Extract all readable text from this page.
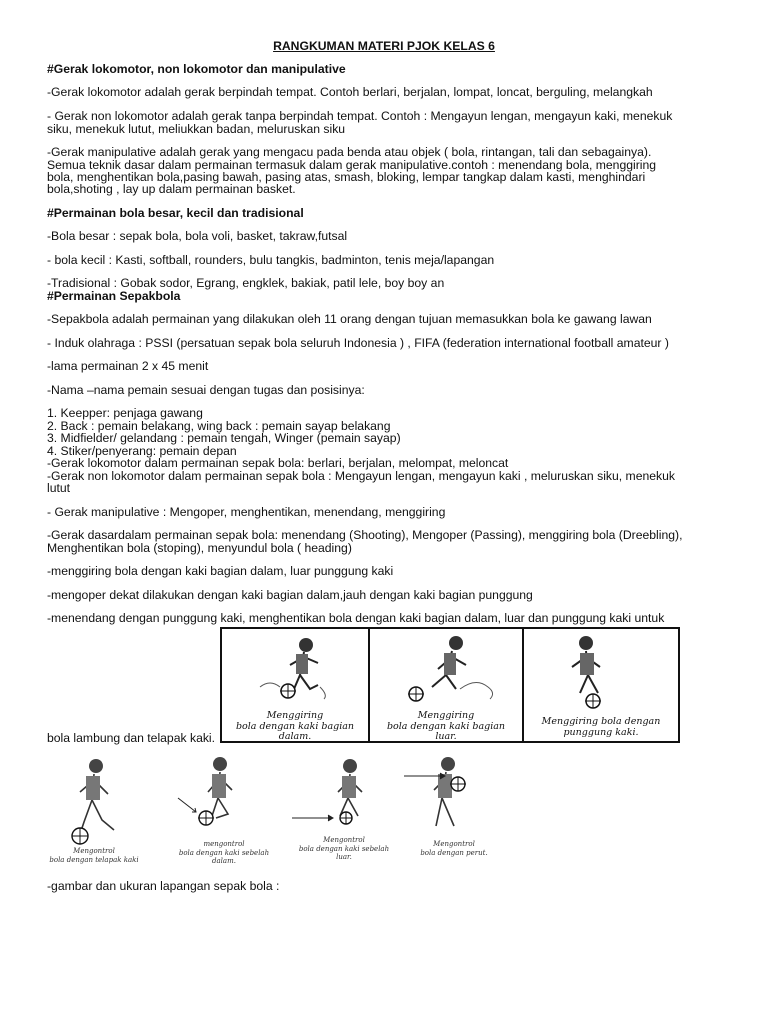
RANGKUMAN MATERI PJOK KELAS 6
#Gerak lokomotor, non lokomotor dan manipulative
-Gerak lokomotor adalah gerak berpindah tempat. Contoh berlari, berjalan, lompat, loncat, berguling, melangkah
- Gerak non lokomotor adalah gerak tanpa berpindah tempat. Contoh : Mengayun lengan, mengayun kaki, menekuk
siku, menekuk lutut, meliukkan badan, meluruskan siku
-Gerak manipulative adalah gerak yang mengacu pada benda atau objek ( bola, rintangan, tali dan sebagainya).
Semua teknik dasar dalam permainan termasuk dalam gerak manipulative.contoh : menendang bola, menggiring
bola, menghentikan bola,pasing bawah, pasing atas, smash, bloking, lempar tangkap dalam kasti, menghindari
bola,shoting , lay up dalam permainan basket.
#Permainan bola besar, kecil dan tradisional
-Bola besar : sepak bola, bola voli, basket, takraw,futsal
- bola kecil : Kasti, softball, rounders, bulu tangkis, badminton, tenis meja/lapangan
-Tradisional : Gobak sodor, Egrang, engklek, bakiak, patil lele, boy boy an
#Permainan Sepakbola
-Sepakbola adalah permainan yang dilakukan oleh 11 orang dengan tujuan memasukkan bola ke gawang lawan
- Induk olahraga : PSSI (persatuan sepak bola seluruh Indonesia ) , FIFA (federation international football amateur )
-lama permainan 2 x 45 menit
-Nama –nama pemain sesuai dengan tugas dan posisinya:
1. Keepper: penjaga gawang
2. Back : pemain belakang, wing back : pemain sayap belakang
3. Midfielder/ gelandang : pemain tengah, Winger (pemain sayap)
4. Stiker/penyerang: pemain depan
-Gerak lokomotor dalam permainan sepak bola: berlari, berjalan, melompat, meloncat
-Gerak non lokomotor dalam permainan sepak bola : Mengayun lengan, mengayun kaki , meluruskan siku, menekuk
lutut
- Gerak manipulative : Mengoper, menghentikan, menendang, menggiring
-Gerak dasardalam permainan sepak bola: menendang (Shooting), Mengoper (Passing), menggiring bola (Dreebling),
Menghentikan bola (stoping), menyundul bola ( heading)
-menggiring bola dengan kaki bagian dalam, luar punggung kaki
-mengoper dekat dilakukan dengan kaki bagian dalam,jauh dengan kaki bagian punggung
-menendang dengan punggung kaki, menghentikan bola dengan kaki bagian dalam, luar dan punggung kaki untuk
bola lambung dan telapak kaki.
-gambar dan ukuran lapangan sepak bola :
Menggiring
bola dengan kaki bagian
dalam.
Menggiring
bola dengan kaki bagian
luar.
Menggiring bola dengan
punggung kaki.
Mengontrol
bola dengan telapak kaki
mengontrol
bola dengan kaki sebelah
dalam.
Mengontrol
bola dengan kaki sebelah
luar.
Mengontrol
bola dengan perut.
